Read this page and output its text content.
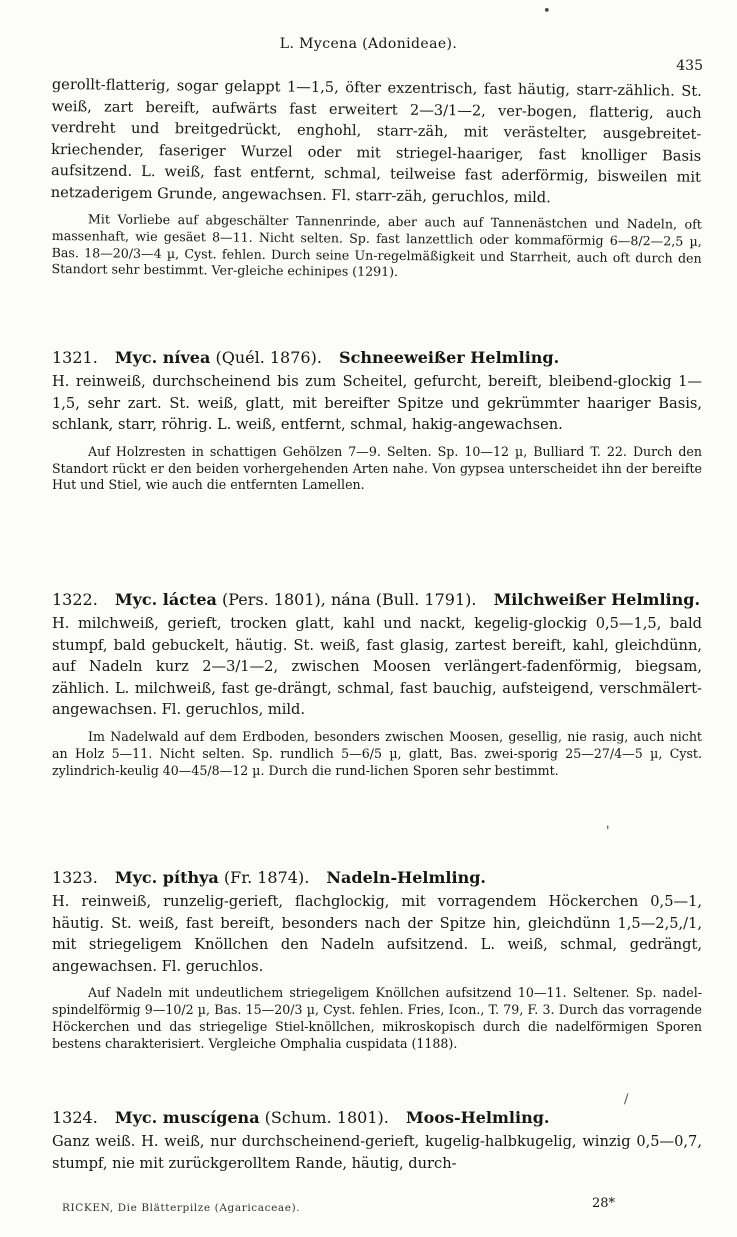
L. Mycena (Adonideae).
435

gerollt-flatterig, sogar gelappt 1—1,5, öfter exzentrisch, fast häutig, starr-zählich. St. weiß, zart bereift, aufwärts fast erweitert 2—3/1—2, ver-bogen, flatterig, auch verdreht und breitgedrückt, enghohl, starr-zäh, mit verästelter, ausgebreitet-kriechender, faseriger Wurzel oder mit striegel-haariger, fast knolliger Basis aufsitzend. L. weiß, fast entfernt, schmal, teilweise fast aderförmig, bisweilen mit netzaderigem Grunde, angewachsen. Fl. starr-zäh, geruchlos, mild.

Mit Vorliebe auf abgeschälter Tannenrinde, aber auch auf Tannenästchen und Nadeln, oft massenhaft, wie gesäet 8—11. Nicht selten. Sp. fast lanzettlich oder kommaförmig 6—8/2—2,5 µ, Bas. 18—20/3—4 µ, Cyst. fehlen. Durch seine Un-regelmäßigkeit und Starrheit, auch oft durch den Standort sehr bestimmt. Ver-gleiche echinipes (1291).

1321. Myc. nívea (Quél. 1876). Schneeweißer Helmling.

H. reinweiß, durchscheinend bis zum Scheitel, gefurcht, bereift, bleibend-glockig 1—1,5, sehr zart. St. weiß, glatt, mit bereifter Spitze und gekrümmter haariger Basis, schlank, starr, röhrig. L. weiß, entfernt, schmal, hakig-angewachsen.

Auf Holzresten in schattigen Gehölzen 7—9. Selten. Sp. 10—12 µ, Bulliard T. 22. Durch den Standort rückt er den beiden vorhergehenden Arten nahe. Von gypsea unterscheidet ihn der bereifte Hut und Stiel, wie auch die entfernten Lamellen.

1322. Myc. láctea (Pers. 1801), nána (Bull. 1791). Milchweißer Helmling.

H. milchweiß, gerieft, trocken glatt, kahl und nackt, kegelig-glockig 0,5—1,5, bald stumpf, bald gebuckelt, häutig. St. weiß, fast glasig, zartest bereift, kahl, gleichdünn, auf Nadeln kurz 2—3/1—2, zwischen Moosen verlängert-fadenförmig, biegsam, zählich. L. milchweiß, fast ge-drängt, schmal, fast bauchig, aufsteigend, verschmälert-angewachsen. Fl. geruchlos, mild.

Im Nadelwald auf dem Erdboden, besonders zwischen Moosen, gesellig, nie rasig, auch nicht an Holz 5—11. Nicht selten. Sp. rundlich 5—6/5 µ, glatt, Bas. zwei-sporig 25—27/4—5 µ, Cyst. zylindrich-keulig 40—45/8—12 µ. Durch die rund-lichen Sporen sehr bestimmt.

1323. Myc. píthya (Fr. 1874). Nadeln-Helmling.

H. reinweiß, runzelig-gerieft, flachglockig, mit vorragendem Höckerchen 0,5—1, häutig. St. weiß, fast bereift, besonders nach der Spitze hin, gleichdünn 1,5—2,5,/1, mit striegeligem Knöllchen den Nadeln aufsitzend. L. weiß, schmal, gedrängt, angewachsen. Fl. geruchlos.

Auf Nadeln mit undeutlichem striegeligem Knöllchen aufsitzend 10—11. Seltener. Sp. nadel-spindelförmig 9—10/2 µ, Bas. 15—20/3 µ, Cyst. fehlen. Fries, Icon., T. 79, F. 3. Durch das vorragende Höckerchen und das striegelige Stiel-knöllchen, mikroskopisch durch die nadelförmigen Sporen bestens charakterisiert. Vergleiche Omphalia cuspidata (1188).

1324. Myc. muscígena (Schum. 1801). Moos-Helmling.

Ganz weiß. H. weiß, nur durchscheinend-gerieft, kugelig-halbkugelig, winzig 0,5—0,7, stumpf, nie mit zurückgerolltem Rande, häutig, durch-

RICKEN, Die Blätterpilze (Agaricaceae).	28*
•
'
/
